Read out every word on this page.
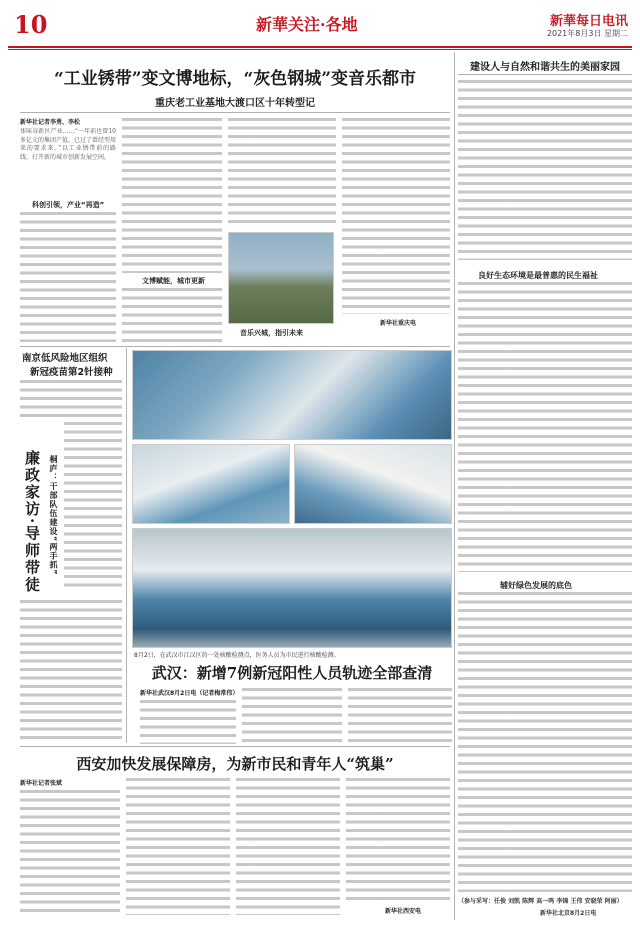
10	新華关注·各地	新華每日电讯
2021年8月3日 星期二
“工业锈带”变文博地标，“灰色钢城”变音乐都市
重庆老工业基地大渡口区十年转型记
新华社记者李勇、李松
体味谷新区产业……“一年前也曾10多亿元的集团产值，已过了曾经型用来的要求来。”以工业锈带前的路线，打开新的城市创新发展空间。
科创引领，产业“再造”
文博赋能，城市更新
音乐兴城，指引未来
新华社重庆电
南京低风险地区组织
新冠疫苗第2针接种
廉政家访·导师带徒 桐庐：干部队伍建设“两手抓”
8月2日，在武汉市江汉区的一处核酸检测点，医务人员为市民进行核酸检测。
武汉：新增7例新冠阳性人员轨迹全部查清
新华社武汉8月2日电（记者梅常伟）
西安加快发展保障房，为新市民和青年人“筑巢”
新华社记者张斌
新华社西安电
建设人与自然和谐共生的美丽家园
良好生态环境是最普惠的民生福祉
辅好绿色发展的底色
（参与采写：任俊 刘凯 陈辉 高一鸣 李锦 王伟 安晓荣 阿丽）
新华社北京8月2日电
